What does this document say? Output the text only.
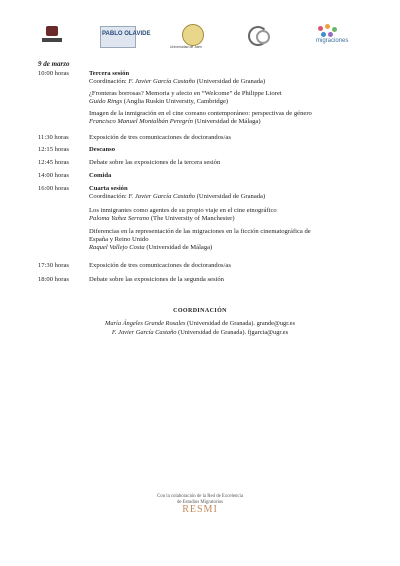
PABLO OLAVIDE
Universidad de Jaén
migraciones
9 de marzo
10:00 horas	Tercera sesión
Coordinación: F. Javier García Castaño (Universidad de Granada)
¿Fronteras borrosas? Memoria y afecto en “Welcome” de Philippe Lioret
Guido Rings (Anglia Ruskin University, Cambridge)
Imagen de la inmigración en el cine coreano contemporáneo: perspectivas de género
Francisco Manuel Montalbán Peregrín (Universidad de Málaga)
11:30 horas	Exposición de tres comunicaciones de doctorandos/as
12:15 horas	Descanso
12:45 horas	Debate sobre las exposiciones de la tercera sesión
14:00 horas	Comida
16:00 horas	Cuarta sesión
Coordinación: F. Javier García Castaño (Universidad de Granada)
Los inmigrantes como agentes de su propio viaje en el cine etnográfico
Paloma Yañez Serrano (The University of Manchester)
Diferencias en la representación de las migraciones en la ficción cinematográfica de
España y Reino Unido
Raquel Vallejo Costa (Universidad de Málaga)
17:30 horas	Exposición de tres comunicaciones de doctorandos/as
18:00 horas	Debate sobre las exposiciones de la segunda sesión
COORDINACIÓN
María Ángeles Grande Rosales (Universidad de Granada). grande@ugr.es
F. Javier García Castaño (Universidad de Granada). fjgarcia@ugr.es
Con la colaboración de la Red de Excelencia
de Estudios Migratorios
RESMI
